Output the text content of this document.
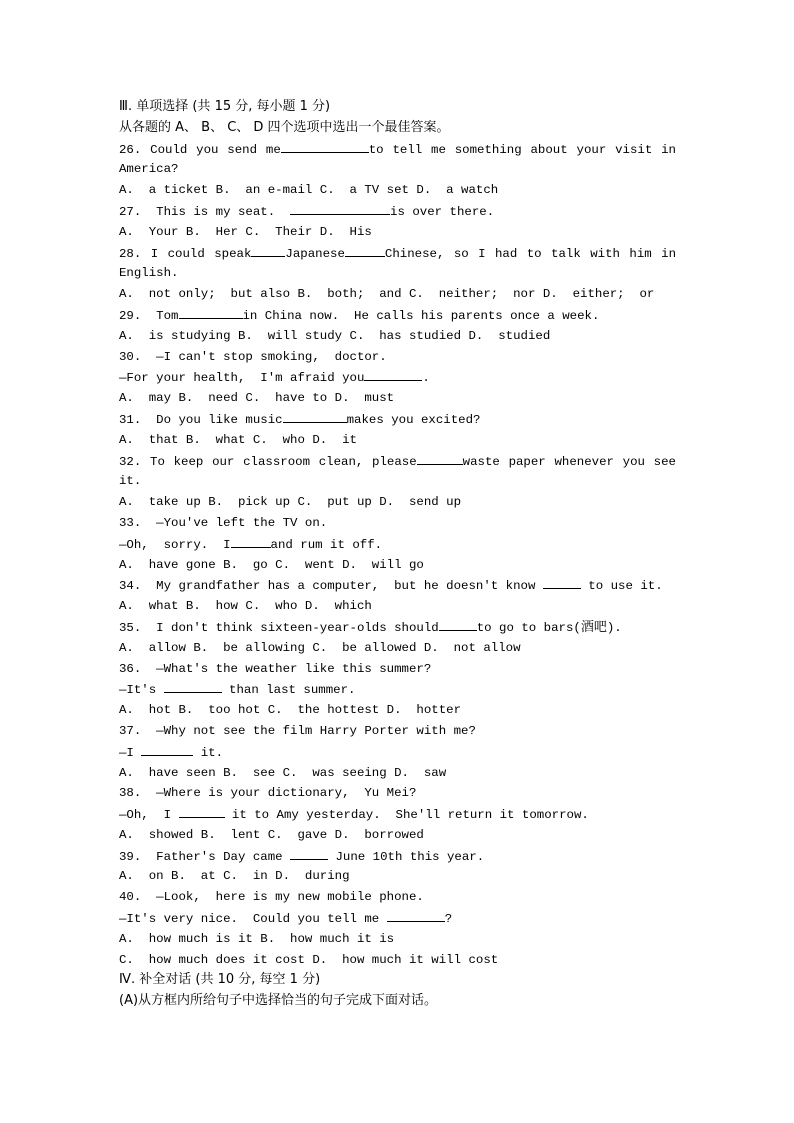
Ⅲ. 单项选择 (共 15 分, 每小题 1 分)
从各题的 A、 B、 C、 D 四个选项中选出一个最佳答案。
26. Could you send me	to tell me something about your visit in
America?
A.  a ticket B.  an e-mail C.  a TV set D.  a watch
27.  This is my seat.	is over there.
A.  Your B.  Her C.  Their D.  His
28. I could speak	Japanese	Chinese, so I had to talk with him in
English.
A.  not only;  but also B.  both;  and C.  neither;  nor D.  either;  or
29.  Tom	in China now.  He calls his parents once a week.
A.  is studying B.  will study C.  has studied D.  studied
30.  —I can't stop smoking,  doctor.
—For your health,  I'm afraid you	.
A.  may B.  need C.  have to D.  must
31.  Do you like music	makes you excited?
A.  that B.  what C.  who D.  it
32. To keep our classroom clean, please	waste paper whenever you see
it.
A.  take up B.  pick up C.  put up D.  send up
33.  —You've left the TV on.
—Oh,  sorry.  I	and rum it off.
A.  have gone B.  go C.  went D.  will go
34.  My grandfather has a computer,  but he doesn't know	to use it.
A.  what B.  how C.  who D.  which
35.  I don't think sixteen-year-olds should	to go to bars(酒吧).
A.  allow B.  be allowing C.  be allowed D.  not allow
36.  —What's the weather like this summer?
—It's	than last summer.
A.  hot B.  too hot C.  the hottest D.  hotter
37.  —Why not see the film Harry Porter with me?
—I	it.
A.  have seen B.  see C.  was seeing D.  saw
38.  —Where is your dictionary,  Yu Mei?
—Oh,  I	it to Amy yesterday.  She'll return it tomorrow.
A.  showed B.  lent C.  gave D.  borrowed
39.  Father's Day came	June 10th this year.
A.  on B.  at C.  in D.  during
40.  —Look,  here is my new mobile phone.
—It's very nice.  Could you tell me	?
A.  how much is it B.  how much it is
C.  how much does it cost D.  how much it will cost
Ⅳ. 补全对话 (共 10 分, 每空 1 分)
(A)从方框内所给句子中选择恰当的句子完成下面对话。
